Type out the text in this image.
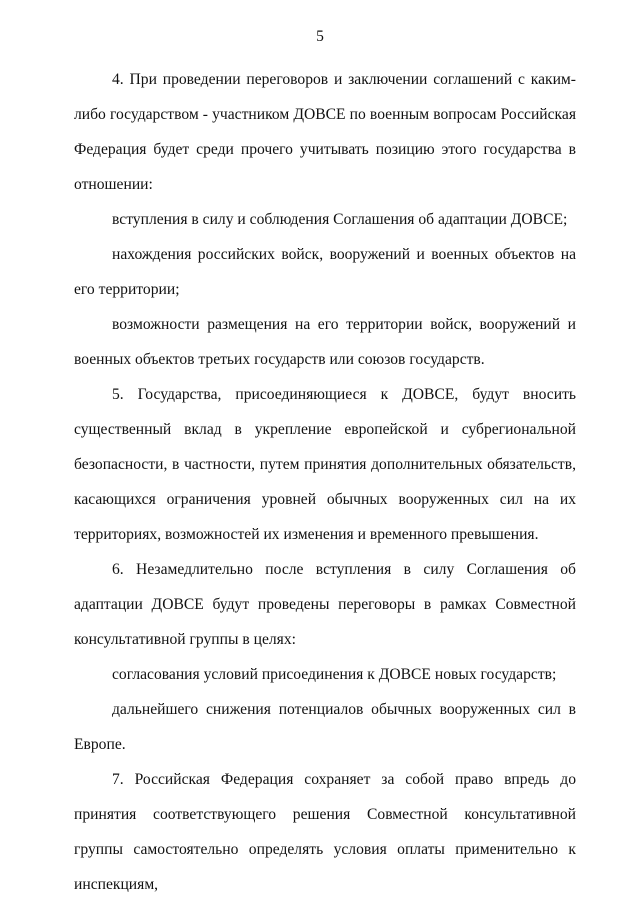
5

4. При проведении переговоров и заключении соглашений с каким-либо государством - участником ДОВСЕ по военным вопросам Российская Федерация будет среди прочего учитывать позицию этого государства в отношении:

вступления в силу и соблюдения Соглашения об адаптации ДОВСЕ;

нахождения российских войск, вооружений и военных объектов на его территории;

возможности размещения на его территории войск, вооружений и военных объектов третьих государств или союзов государств.

5. Государства, присоединяющиеся к ДОВСЕ, будут вносить существенный вклад в укрепление европейской и субрегиональной безопасности, в частности, путем принятия дополнительных обязательств, касающихся ограничения уровней обычных вооруженных сил на их территориях, возможностей их изменения и временного превышения.

6. Незамедлительно после вступления в силу Соглашения об адаптации ДОВСЕ будут проведены переговоры в рамках Совместной консультативной группы в целях:

согласования условий присоединения к ДОВСЕ новых государств;

дальнейшего снижения потенциалов обычных вооруженных сил в Европе.

7. Российская Федерация сохраняет за собой право впредь до принятия соответствующего решения Совместной консультативной группы самостоятельно определять условия оплаты применительно к инспекциям,
